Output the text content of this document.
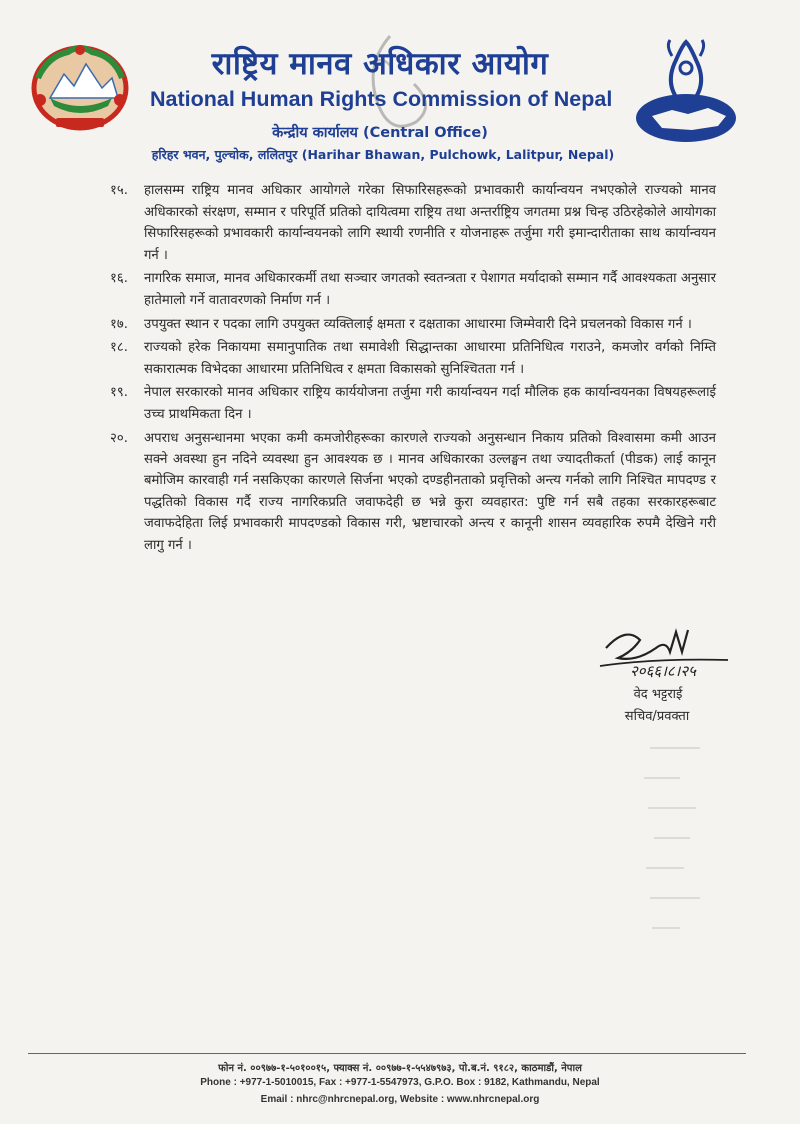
राष्ट्रिय मानव अधिकार आयोग
National Human Rights Commission of Nepal
केन्द्रीय कार्यालय (Central Office)
हरिहर भवन, पुल्चोक, ललितपुर (Harihar Bhawan, Pulchowk, Lalitpur, Nepal)
१५. हालसम्म राष्ट्रिय मानव अधिकार आयोगले गरेका सिफारिसहरूको प्रभावकारी कार्यान्वयन नभएकोले राज्यको मानव अधिकारको संरक्षण, सम्मान र परिपूर्ति प्रतिको दायित्वमा राष्ट्रिय तथा अन्तर्राष्ट्रिय जगतमा प्रश्न चिन्ह उठिरहेकोले आयोगका सिफारिसहरूको प्रभावकारी कार्यान्वयनको लागि स्थायी रणनीति र योजनाहरू तर्जुमा गरी इमान्दारीताका साथ कार्यान्वयन गर्न ।
१६. नागरिक समाज, मानव अधिकारकर्मी तथा सञ्चार जगतको स्वतन्त्रता र पेशागत मर्यादाको सम्मान गर्दै आवश्यकता अनुसार हातेमालो गर्ने वातावरणको निर्माण गर्न ।
१७. उपयुक्त स्थान र पदका लागि उपयुक्त व्यक्तिलाई क्षमता र दक्षताका आधारमा जिम्मेवारी दिने प्रचलनको विकास गर्न ।
१८. राज्यको हरेक निकायमा समानुपातिक तथा समावेशी सिद्धान्तका आधारमा प्रतिनिधित्व गराउने, कमजोर वर्गको निम्ति सकारात्मक विभेदका आधारमा प्रतिनिधित्व र क्षमता विकासको सुनिश्चितता गर्न ।
१९. नेपाल सरकारको मानव अधिकार राष्ट्रिय कार्ययोजना तर्जुमा गरी कार्यान्वयन गर्दा मौलिक हक कार्यान्वयनका विषयहरूलाई उच्च प्राथमिकता दिन ।
२०. अपराध अनुसन्धानमा भएका कमी कमजोरीहरूका कारणले राज्यको अनुसन्धान निकाय प्रतिको विश्वासमा कमी आउन सक्ने अवस्था हुन नदिने व्यवस्था हुन आवश्यक छ । मानव अधिकारका उल्लङ्घन तथा ज्यादतीकर्ता (पीडक) लाई कानून बमोजिम कारवाही गर्न नसकिएका कारणले सिर्जना भएको दण्डहीनताको प्रवृत्तिको अन्त्य गर्नको लागि निश्चित मापदण्ड र पद्धतिको विकास गर्दै राज्य नागरिकप्रति जवाफदेही छ भन्ने कुरा व्यवहारत: पुष्टि गर्न सबै तहका सरकारहरूबाट जवाफदेहिता लिई प्रभावकारी मापदण्डको विकास गरी, भ्रष्टाचारको अन्त्य र कानूनी शासन व्यवहारिक रुपमै देखिने गरी लागु गर्न ।
२०६६।८।२५
वेद भट्टराई
सचिव/प्रवक्ता
फोन नं. ००९७७-१-५०१००१५, फ्याक्स नं. ००९७७-१-५५४७९७३, पो.ब.नं. ९१८२, काठमाडौं, नेपाल
Phone : +977-1-5010015, Fax : +977-1-5547973, G.P.O. Box : 9182, Kathmandu, Nepal
Email : nhrc@nhrcnepal.org, Website : www.nhrcnepal.org
